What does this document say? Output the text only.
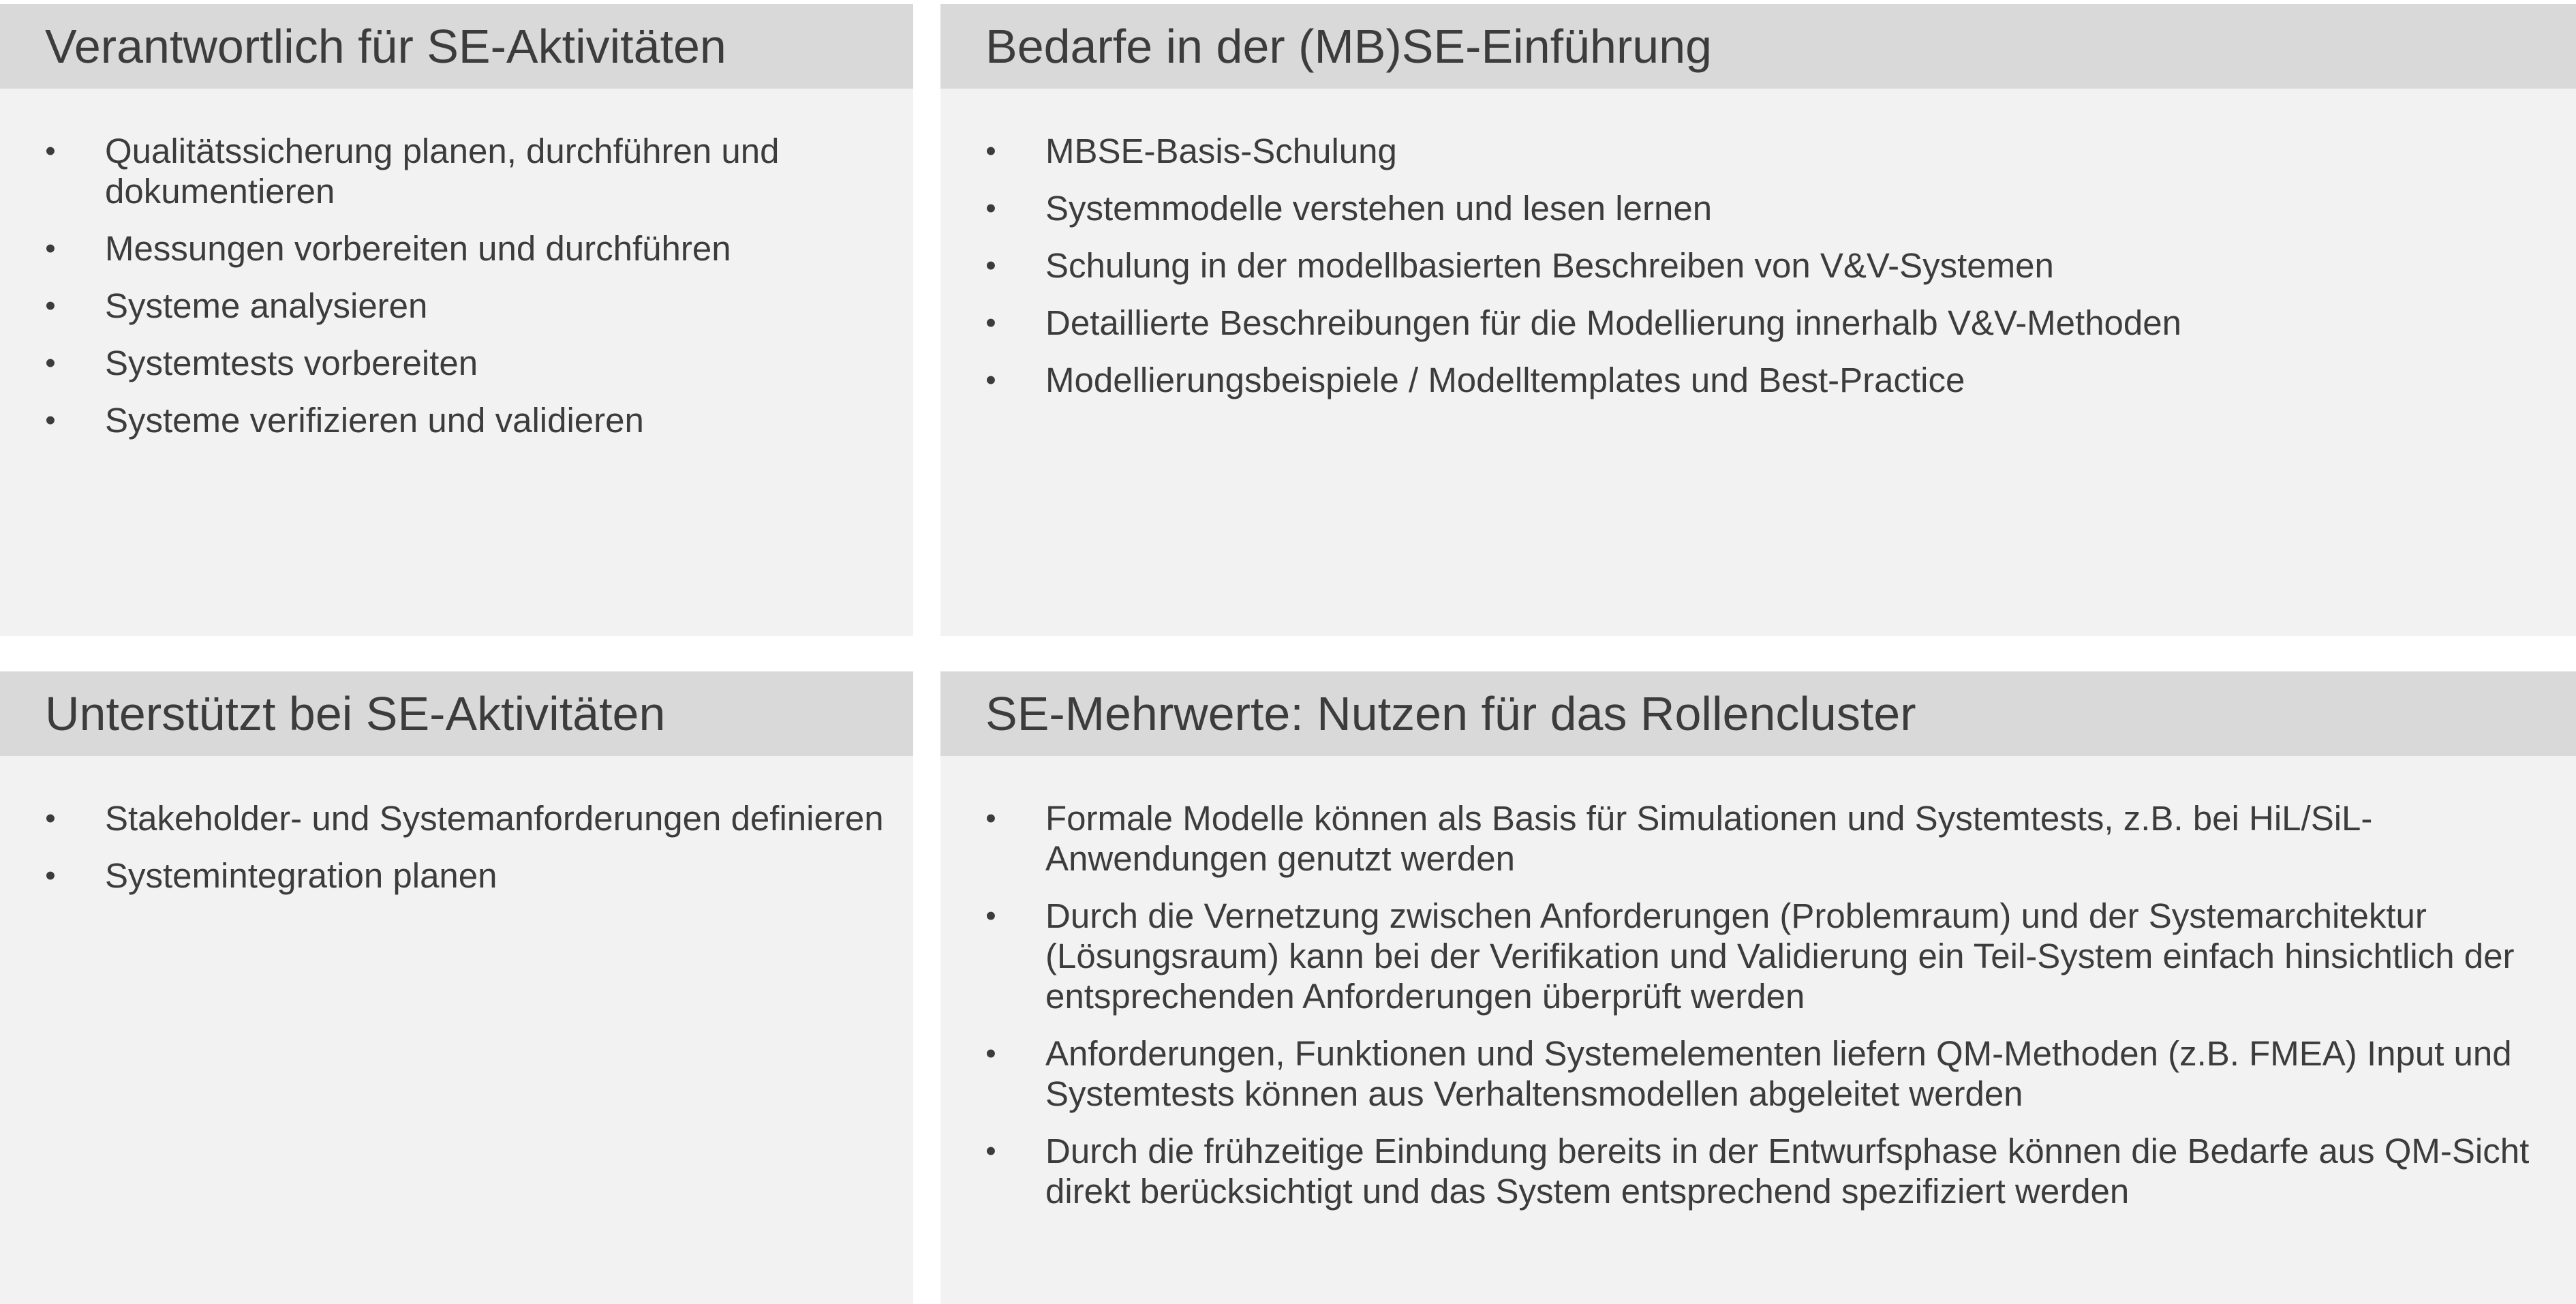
Verantwortlich für SE-Aktivitäten
• Qualitätssicherung planen, durchführen und dokumentieren
• Messungen vorbereiten und durchführen
• Systeme analysieren
• Systemtests vorbereiten
• Systeme verifizieren und validieren
Bedarfe in der (MB)SE-Einführung
• MBSE-Basis-Schulung
• Systemmodelle verstehen und lesen lernen
• Schulung in der modellbasierten Beschreiben von V&V-Systemen
• Detaillierte Beschreibungen für die Modellierung innerhalb V&V-Methoden
• Modellierungsbeispiele / Modelltemplates und Best-Practice
Unterstützt bei SE-Aktivitäten
• Stakeholder- und Systemanforderungen definieren
• Systemintegration planen
SE-Mehrwerte: Nutzen für das Rollencluster
• Formale Modelle können als Basis für Simulationen und Systemtests, z.B. bei HiL/SiL-Anwendungen genutzt werden
• Durch die Vernetzung zwischen Anforderungen (Problemraum) und der Systemarchitektur (Lösungsraum) kann bei der Verifikation und Validierung ein Teil-System einfach hinsichtlich der entsprechenden Anforderungen überprüft werden
• Anforderungen, Funktionen und Systemelementen liefern QM-Methoden (z.B. FMEA) Input und Systemtests können aus Verhaltensmodellen abgeleitet werden
• Durch die frühzeitige Einbindung bereits in der Entwurfsphase können die Bedarfe aus QM-Sicht direkt berücksichtigt und das System entsprechend spezifiziert werden
